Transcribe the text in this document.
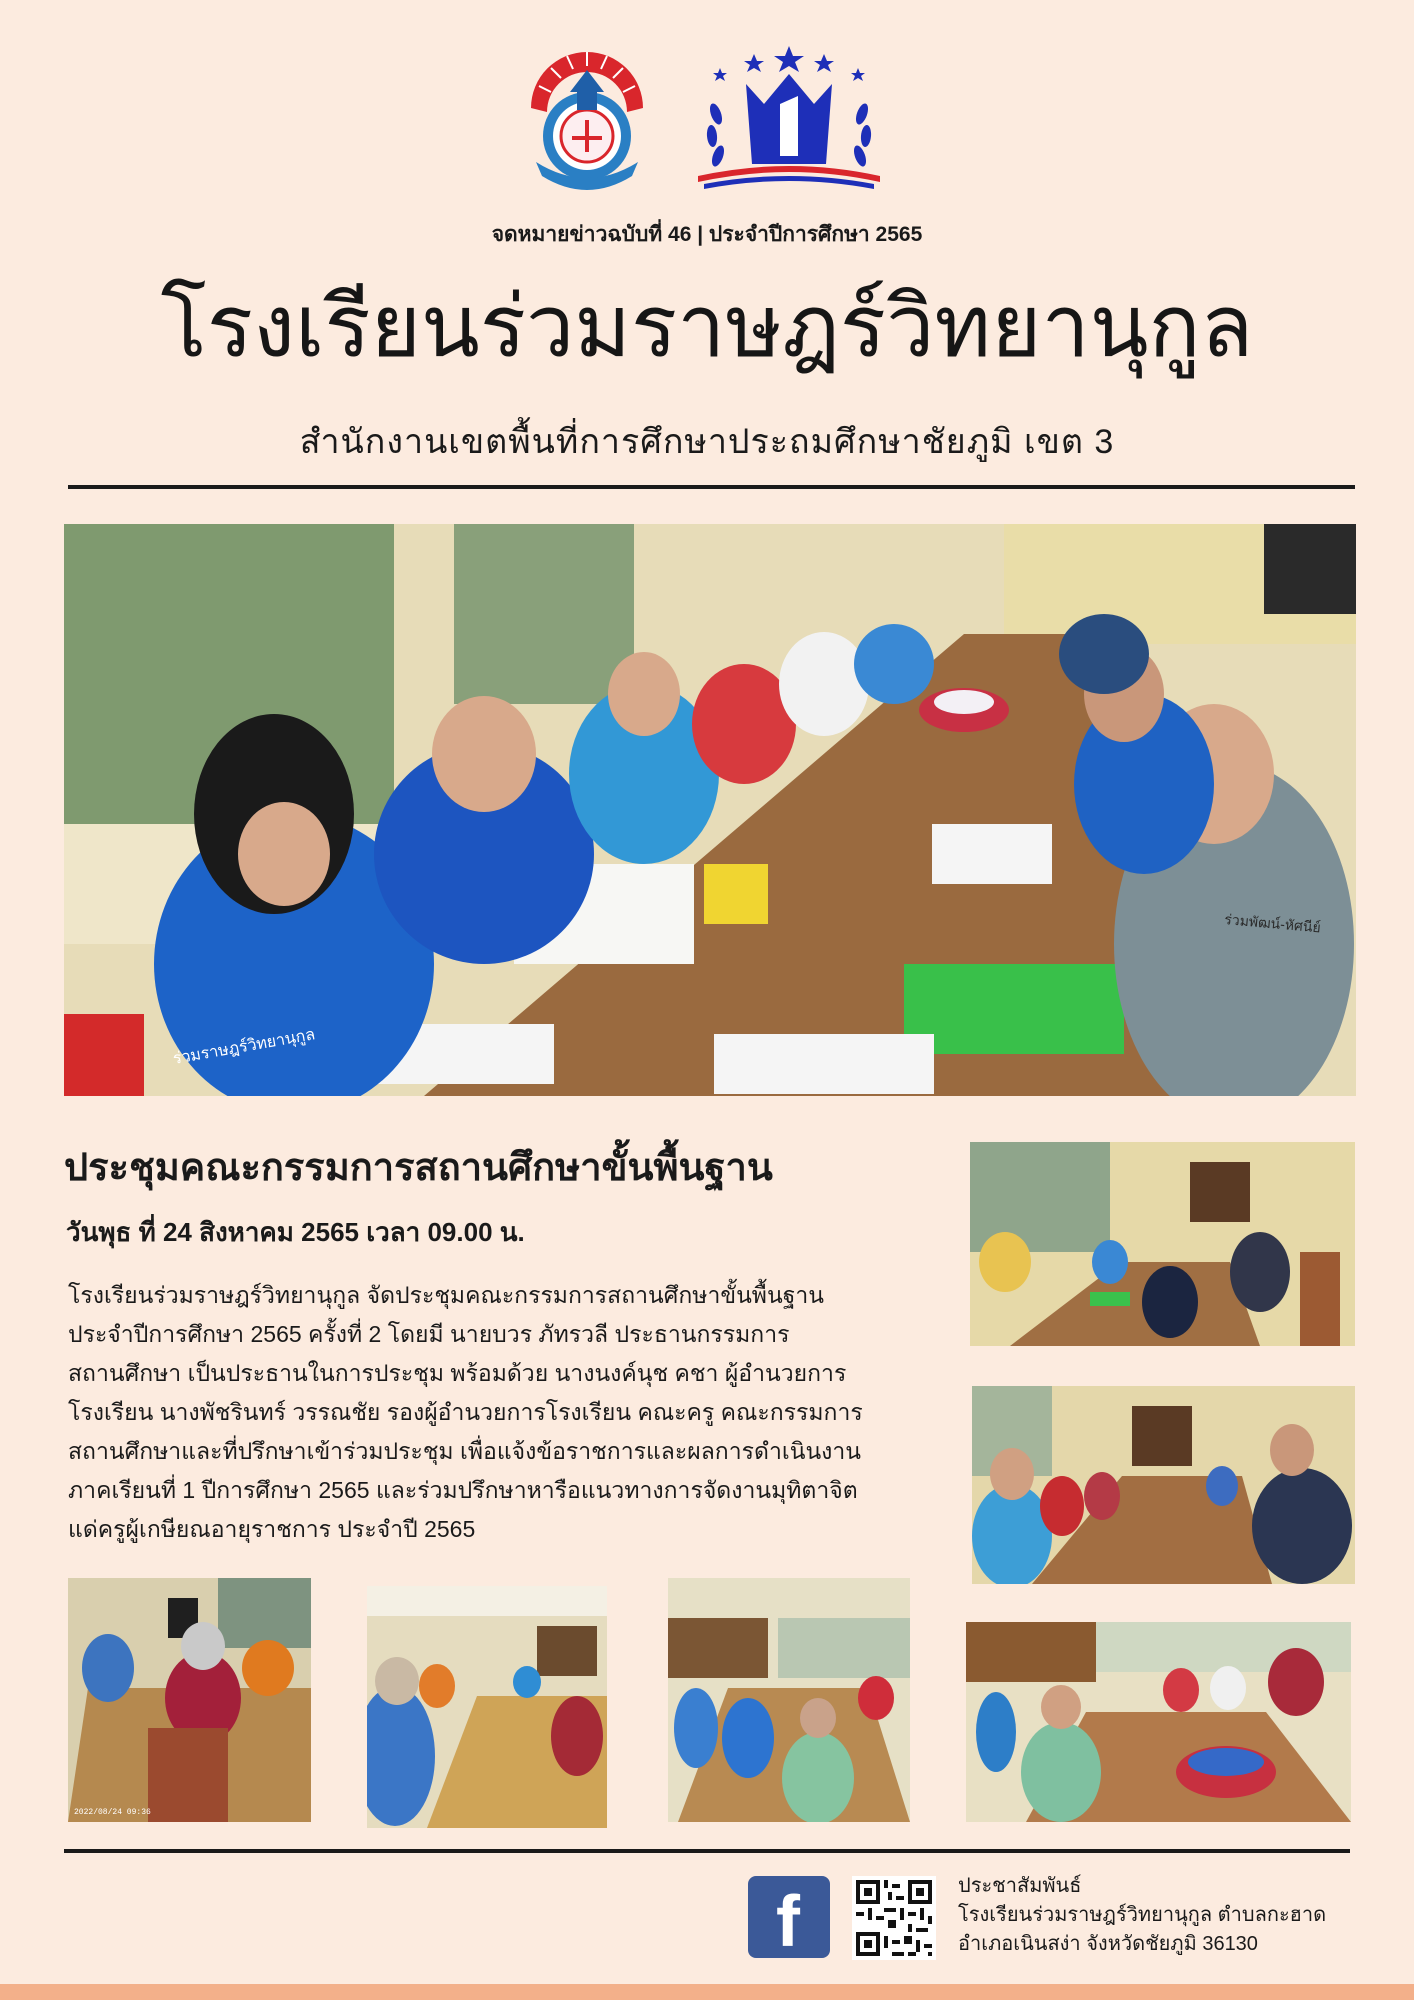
จดหมายข่าวฉบับที่ 46 | ประจำปีการศึกษา 2565
โรงเรียนร่วมราษฎร์วิทยานุกูล
สำนักงานเขตพื้นที่การศึกษาประถมศึกษาชัยภูมิ เขต 3
ร่วมราษฎร์วิทยานุกูล
ร่วมพัฒน์-หัศนีย์
ประชุมคณะกรรมการสถานศึกษาขั้นพื้นฐาน
วันพุธ ที่ 24 สิงหาคม 2565 เวลา 09.00 น.
โรงเรียนร่วมราษฎร์วิทยานุกูล จัดประชุมคณะกรรมการสถานศึกษาขั้นพื้นฐาน
ประจำปีการศึกษา 2565 ครั้งที่ 2 โดยมี นายบวร ภัทรวลี ประธานกรรมการ
สถานศึกษา เป็นประธานในการประชุม พร้อมด้วย นางนงค์นุช คชา ผู้อำนวยการ
โรงเรียน นางพัชรินทร์ วรรณชัย รองผู้อำนวยการโรงเรียน คณะครู คณะกรรมการ
สถานศึกษาและที่ปรึกษาเข้าร่วมประชุม เพื่อแจ้งข้อราชการและผลการดำเนินงาน
ภาคเรียนที่ 1 ปีการศึกษา 2565 และร่วมปรึกษาหารือแนวทางการจัดงานมุทิตาจิต
แด่ครูผู้เกษียณอายุราชการ ประจำปี 2565
2022/08/24 09:36
f	ประชาสัมพันธ์
โรงเรียนร่วมราษฎร์วิทยานุกูล ตำบลกะฮาด
อำเภอเนินสง่า จังหวัดชัยภูมิ 36130
